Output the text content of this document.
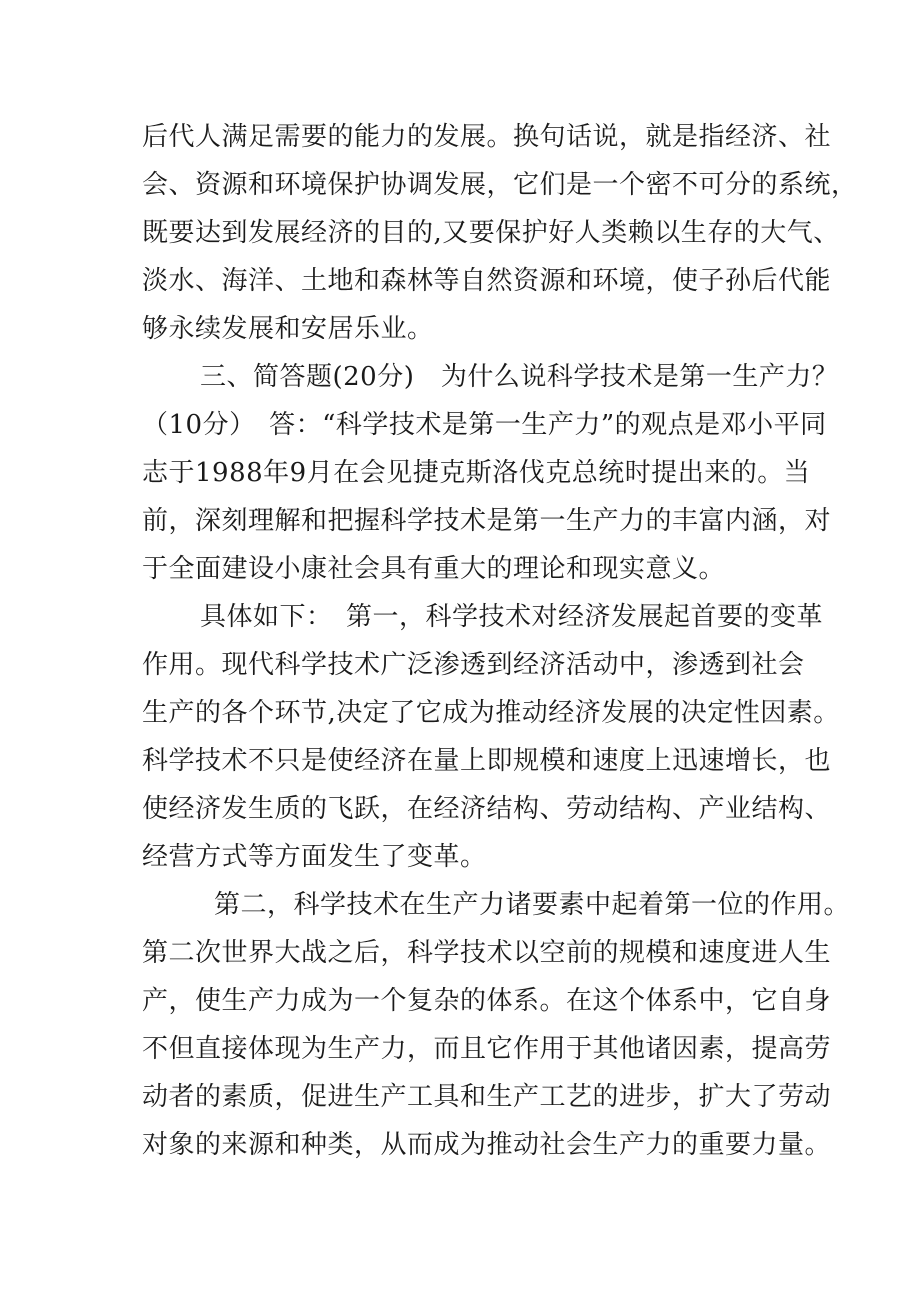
后代人满足需要的能力的发展。换句话说，就是指经济、社
会、资源和环境保护协调发展，它们是一个密不可分的系统，
既要达到发展经济的目的,又要保护好人类赖以生存的大气、
淡水、海洋、土地和森林等自然资源和环境，使子孙后代能
够永续发展和安居乐业。
三、简答题(20分)　为什么说科学技术是第一生产力？
（10分）　答：“科学技术是第一生产力”的观点是邓小平同
志于1988年9月在会见捷克斯洛伐克总统时提出来的。当
前，深刻理解和把握科学技术是第一生产力的丰富内涵，对
于全面建设小康社会具有重大的理论和现实意义。
具体如下：　第一，科学技术对经济发展起首要的变革
作用。现代科学技术广泛渗透到经济活动中，渗透到社会
生产的各个环节,决定了它成为推动经济发展的决定性因素。
科学技术不只是使经济在量上即规模和速度上迅速增长，也
使经济发生质的飞跃，在经济结构、劳动结构、产业结构、
经营方式等方面发生了变革。
第二，科学技术在生产力诸要素中起着第一位的作用。
第二次世界大战之后，科学技术以空前的规模和速度进人生
产，使生产力成为一个复杂的体系。在这个体系中，它自身
不但直接体现为生产力，而且它作用于其他诸因素，提高劳
动者的素质，促进生产工具和生产工艺的进步，扩大了劳动
对象的来源和种类，从而成为推动社会生产力的重要力量。
